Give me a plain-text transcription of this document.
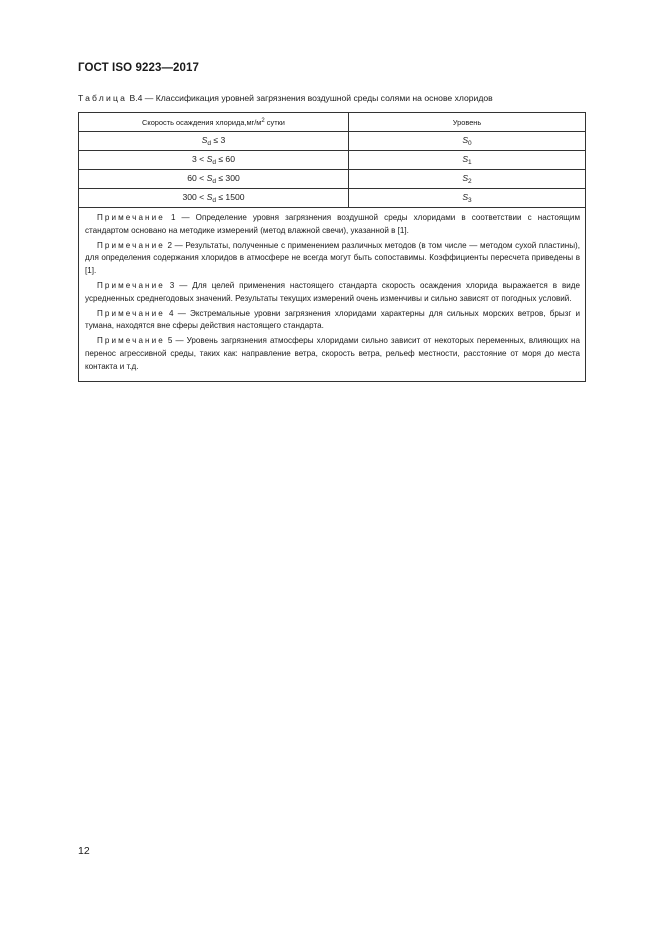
ГОСТ ISO 9223—2017
Таблица В.4 — Классификация уровней загрязнения воздушной среды солями на основе хлоридов
Скорость осаждения $хлорида,мг/м^2$ сутки	Уровень
$S_d \le 3$	$S_0$
$3 < S_d \le 60$	$S_1$
$60 < S_d \le 300$	$S_2$
$300 < S_d \le 1500$	$S_3$

Примечание 1 — Определение уровня загрязнения воздушной среды хлоридами в соответствии с настоящим стандартом основано на методике измерений (метод влажной свечи), указанной в [1].

Примечание 2 — Результаты, полученные с применением различных методов (в том числе — методом сухой пластины), для определения содержания хлоридов в атмосфере не всегда могут быть сопоставимы. Коэффициенты пересчета приведены в [1].

Примечание 3 — Для целей применения настоящего стандарта скорость осаждения хлорида выражается в виде усредненных среднегодовых значений. Результаты текущих измерений очень изменчивы и сильно зависят от погодных условий.

Примечание 4 — Экстремальные уровни загрязнения хлоридами характерны для сильных морских ветров, брызг и тумана, находятся вне сферы действия настоящего стандарта.

Примечание 5 — Уровень загрязнения атмосферы хлоридами сильно зависит от некоторых переменных, влияющих на перенос агрессивной среды, таких как: направление ветра, скорость ветра, рельеф местности, расстояние от моря до места контакта и т.д.	

12
